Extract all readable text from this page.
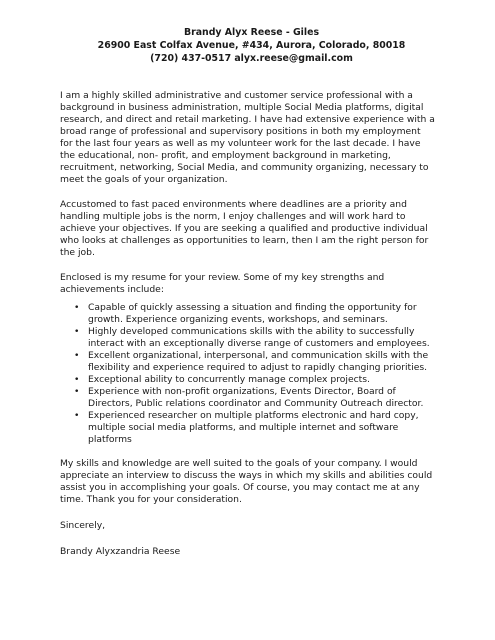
Brandy Alyx Reese - Giles
26900 East Colfax Avenue, #434, Aurora, Colorado, 80018
(720) 437-0517 alyx.reese@gmail.com

I am a highly skilled administrative and customer service professional with a background in business administration, multiple Social Media platforms, digital research, and direct and retail marketing. I have had extensive experience with a broad range of professional and supervisory positions in both my employment for the last four years as well as my volunteer work for the last decade. I have the educational, non- profit, and employment background in marketing, recruitment, networking, Social Media, and community organizing, necessary to meet the goals of your organization.

Accustomed to fast paced environments where deadlines are a priority and handling multiple jobs is the norm, I enjoy challenges and will work hard to achieve your objectives. If you are seeking a qualified and productive individual who looks at challenges as opportunities to learn, then I am the right person for the job.

Enclosed is my resume for your review. Some of my key strengths and achievements include:

• Capable of quickly assessing a situation and finding the opportunity for growth. Experience organizing events, workshops, and seminars.
• Highly developed communications skills with the ability to successfully interact with an exceptionally diverse range of customers and employees.
• Excellent organizational, interpersonal, and communication skills with the flexibility and experience required to adjust to rapidly changing priorities.
• Exceptional ability to concurrently manage complex projects.
• Experience with non-profit organizations, Events Director, Board of Directors, Public relations coordinator and Community Outreach director.
• Experienced researcher on multiple platforms electronic and hard copy, multiple social media platforms, and multiple internet and software platforms

My skills and knowledge are well suited to the goals of your company. I would appreciate an interview to discuss the ways in which my skills and abilities could assist you in accomplishing your goals. Of course, you may contact me at any time. Thank you for your consideration.

Sincerely,

Brandy Alyxzandria Reese
